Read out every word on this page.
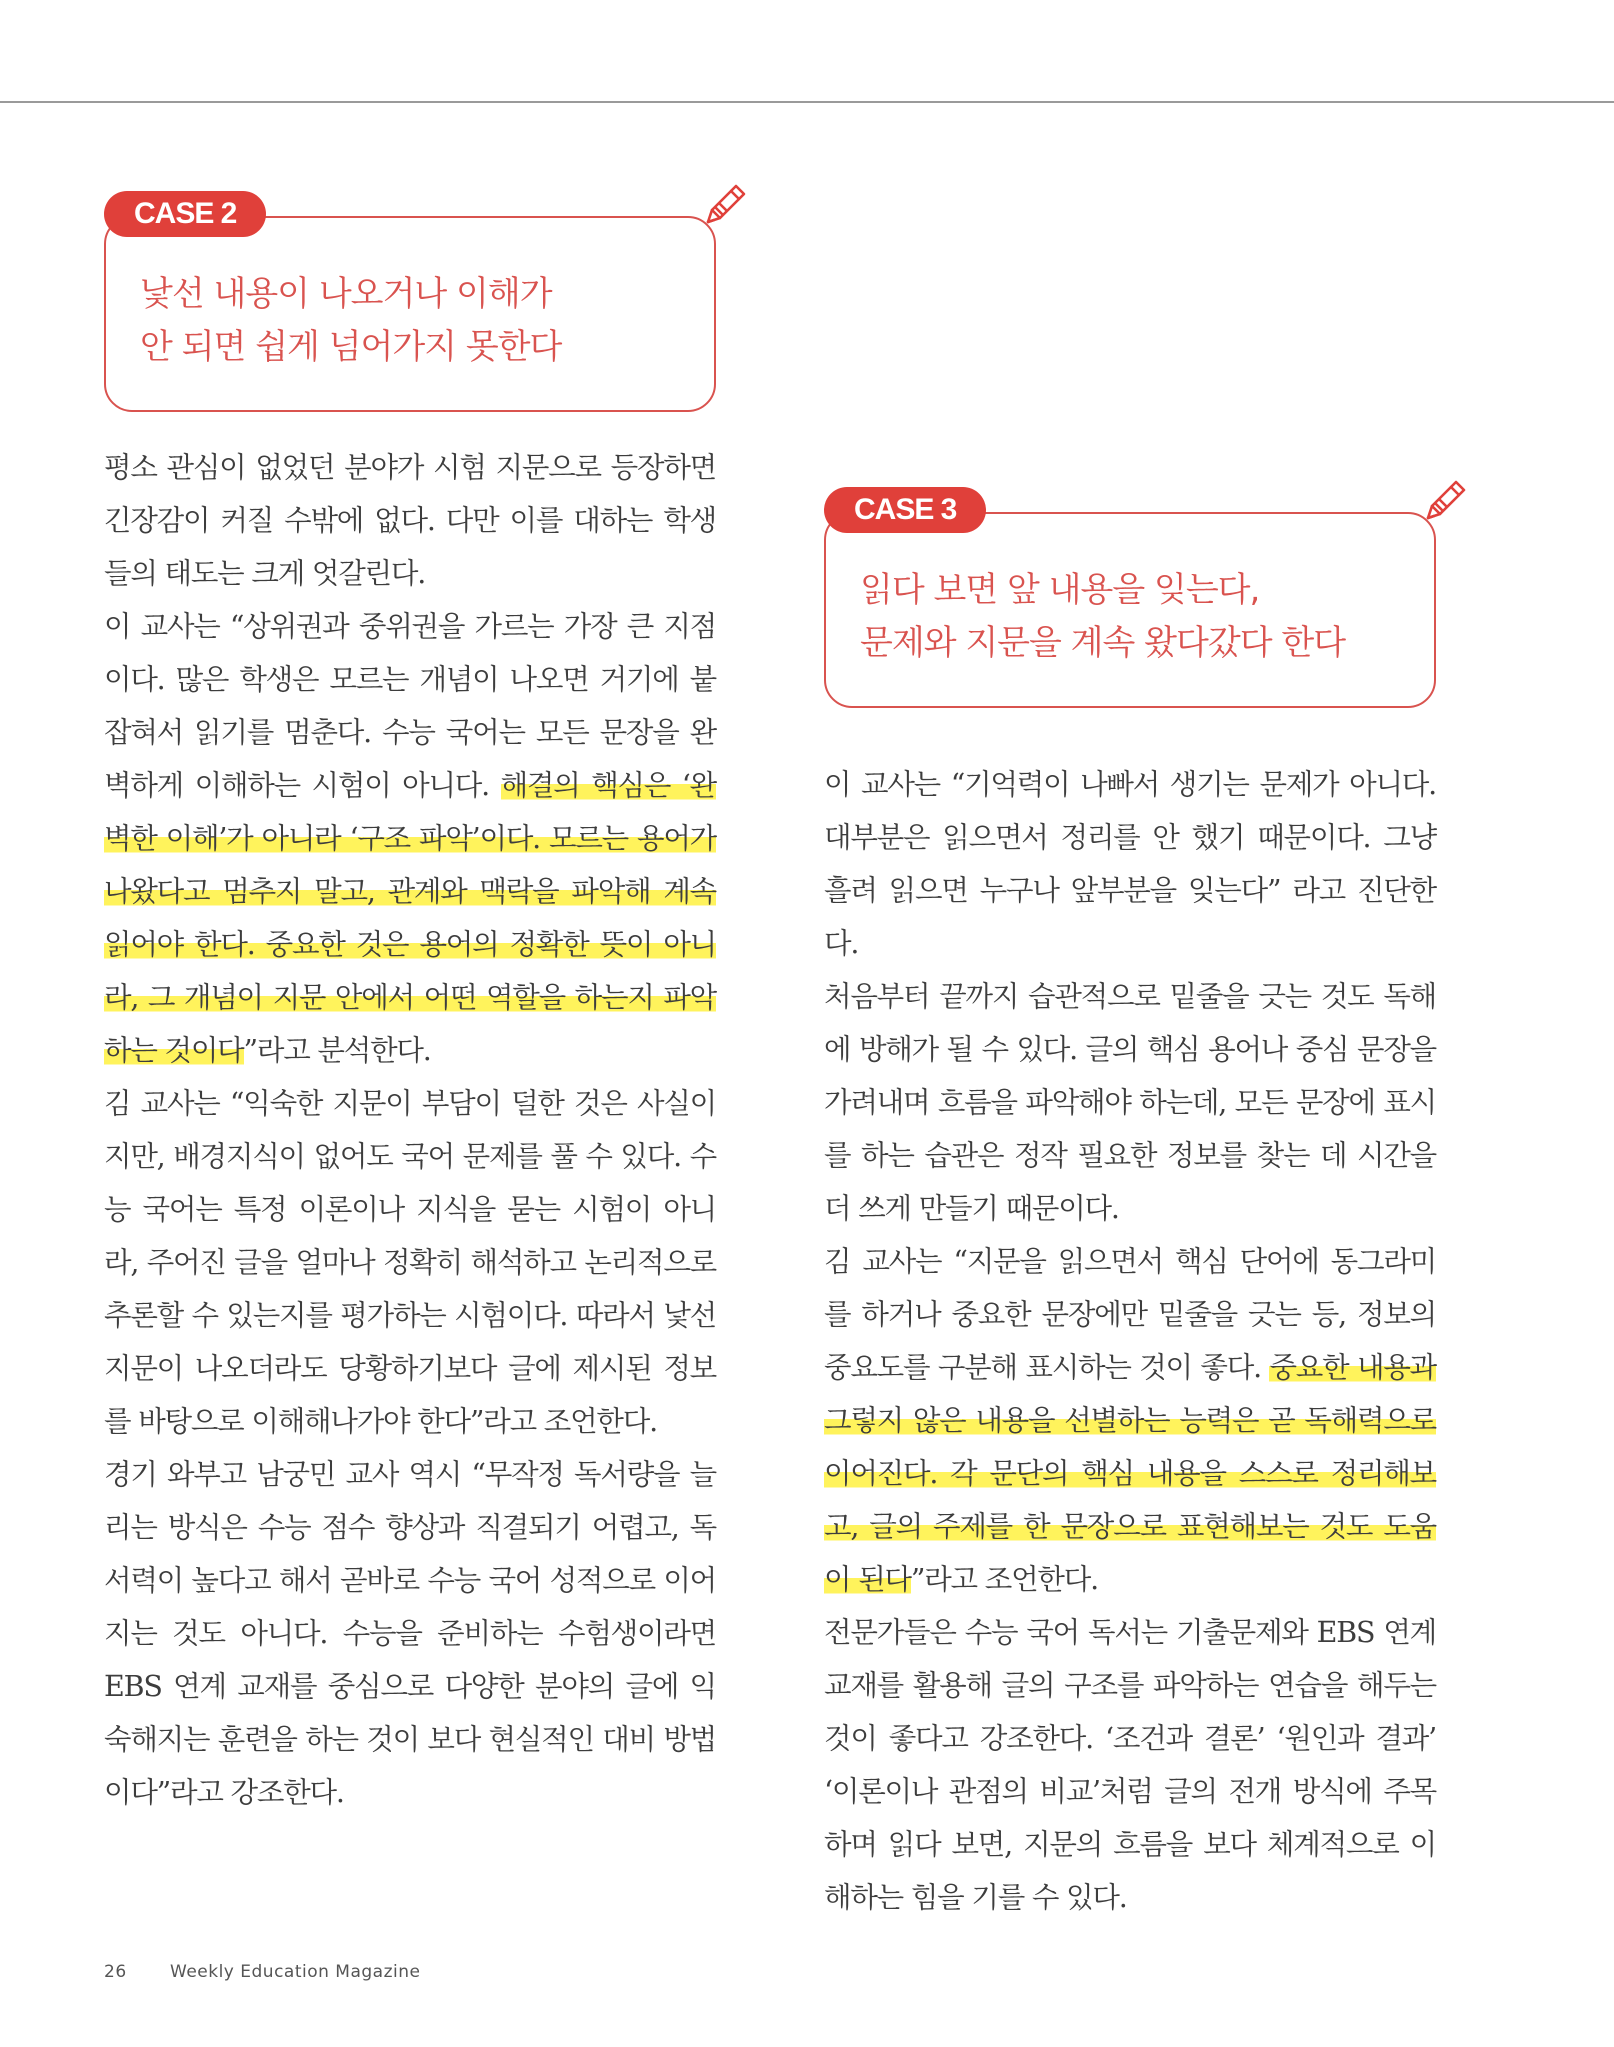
낯선 내용이 나오거나 이해가
안 되면 쉽게 넘어가지 못한다
CASE 2

평소 관심이 없었던 분야가 시험 지문으로 등장하면 긴장감이 커질 수밖에 없다. 다만 이를 대하는 학생들의 태도는 크게 엇갈린다.

이 교사는 “상위권과 중위권을 가르는 가장 큰 지점이다. 많은 학생은 모르는 개념이 나오면 거기에 붙잡혀서 읽기를 멈춘다. 수능 국어는 모든 문장을 완벽하게 이해하는 시험이 아니다. 해결의 핵심은 ‘완벽한 이해’가 아니라 ‘구조 파악’이다. 모르는 용어가 나왔다고 멈추지 말고, 관계와 맥락을 파악해 계속 읽어야 한다. 중요한 것은 용어의 정확한 뜻이 아니라, 그 개념이 지문 안에서 어떤 역할을 하는지 파악하는 것이다”라고 분석한다.

김 교사는 “익숙한 지문이 부담이 덜한 것은 사실이지만, 배경지식이 없어도 국어 문제를 풀 수 있다. 수능 국어는 특정 이론이나 지식을 묻는 시험이 아니라, 주어진 글을 얼마나 정확히 해석하고 논리적으로 추론할 수 있는지를 평가하는 시험이다. 따라서 낯선 지문이 나오더라도 당황하기보다 글에 제시된 정보를 바탕으로 이해해나가야 한다”라고 조언한다.

경기 와부고 남궁민 교사 역시 “무작정 독서량을 늘리는 방식은 수능 점수 향상과 직결되기 어렵고, 독서력이 높다고 해서 곧바로 수능 국어 성적으로 이어지는 것도 아니다. 수능을 준비하는 수험생이라면 EBS 연계 교재를 중심으로 다양한 분야의 글에 익숙해지는 훈련을 하는 것이 보다 현실적인 대비 방법이다”라고 강조한다.

읽다 보면 앞 내용을 잊는다,
문제와 지문을 계속 왔다갔다 한다
CASE 3

이 교사는 “기억력이 나빠서 생기는 문제가 아니다. 대부분은 읽으면서 정리를 안 했기 때문이다. 그냥 흘려 읽으면 누구나 앞부분을 잊는다” 라고 진단한다.

처음부터 끝까지 습관적으로 밑줄을 긋는 것도 독해에 방해가 될 수 있다. 글의 핵심 용어나 중심 문장을 가려내며 흐름을 파악해야 하는데, 모든 문장에 표시를 하는 습관은 정작 필요한 정보를 찾는 데 시간을 더 쓰게 만들기 때문이다.

김 교사는 “지문을 읽으면서 핵심 단어에 동그라미를 하거나 중요한 문장에만 밑줄을 긋는 등, 정보의 중요도를 구분해 표시하는 것이 좋다. 중요한 내용과 그렇지 않은 내용을 선별하는 능력은 곧 독해력으로 이어진다. 각 문단의 핵심 내용을 스스로 정리해보고, 글의 주제를 한 문장으로 표현해보는 것도 도움이 된다”라고 조언한다.

전문가들은 수능 국어 독서는 기출문제와 EBS 연계 교재를 활용해 글의 구조를 파악하는 연습을 해두는 것이 좋다고 강조한다. ‘조건과 결론’ ‘원인과 결과’ ‘이론이나 관점의 비교’처럼 글의 전개 방식에 주목하며 읽다 보면, 지문의 흐름을 보다 체계적으로 이해하는 힘을 기를 수 있다.

26	Weekly Education Magazine
